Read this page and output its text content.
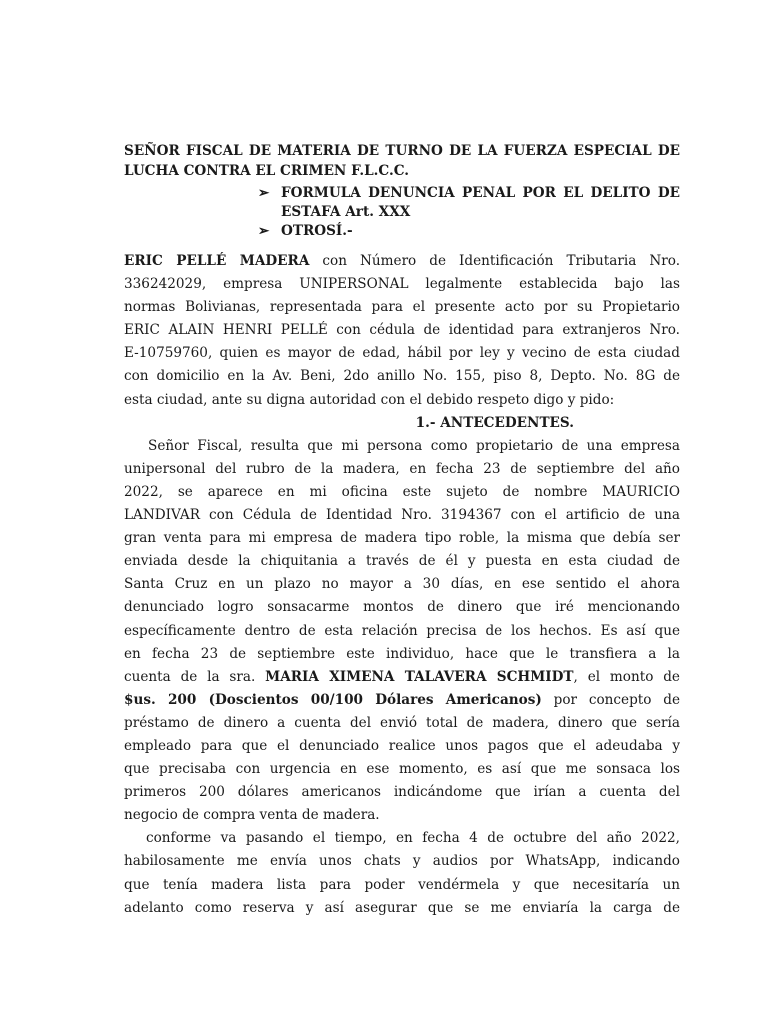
SEÑOR FISCAL DE MATERIA DE TURNO DE LA FUERZA ESPECIAL DE
LUCHA CONTRA EL CRIMEN F.L.C.C.
➢ FORMULA DENUNCIA PENAL POR EL DELITO DE
ESTAFA Art. XXX
➢ OTROSÍ.-
ERIC PELLÉ MADERA con Número de Identificación Tributaria Nro.
336242029, empresa UNIPERSONAL legalmente establecida bajo las
normas Bolivianas, representada para el presente acto por su Propietario
ERIC ALAIN HENRI PELLÉ con cédula de identidad para extranjeros Nro.
E-10759760, quien es mayor de edad, hábil por ley y vecino de esta ciudad
con domicilio en la Av. Beni, 2do anillo No. 155, piso 8, Depto. No. 8G de
esta ciudad, ante su digna autoridad con el debido respeto digo y pido:
1.- ANTECEDENTES.
Señor Fiscal, resulta que mi persona como propietario de una empresa
unipersonal del rubro de la madera, en fecha 23 de septiembre del año
2022, se aparece en mi oficina este sujeto de nombre MAURICIO
LANDIVAR con Cédula de Identidad Nro. 3194367 con el artificio de una
gran venta para mi empresa de madera tipo roble, la misma que debía ser
enviada desde la chiquitania a través de él y puesta en esta ciudad de
Santa Cruz en un plazo no mayor a 30 días, en ese sentido el ahora
denunciado logro sonsacarme montos de dinero que iré mencionando
específicamente dentro de esta relación precisa de los hechos. Es así que
en fecha 23 de septiembre este individuo, hace que le transfiera a la
cuenta de la sra. MARIA XIMENA TALAVERA SCHMIDT, el monto de
$us. 200 (Doscientos 00/100 Dólares Americanos) por concepto de
préstamo de dinero a cuenta del envió total de madera, dinero que sería
empleado para que el denunciado realice unos pagos que el adeudaba y
que precisaba con urgencia en ese momento, es así que me sonsaca los
primeros 200 dólares americanos indicándome que irían a cuenta del
negocio de compra venta de madera.
conforme va pasando el tiempo, en fecha 4 de octubre del año 2022,
habilosamente me envía unos chats y audios por WhatsApp, indicando
que tenía madera lista para poder vendérmela y que necesitaría un
adelanto como reserva y así asegurar que se me enviaría la carga de
